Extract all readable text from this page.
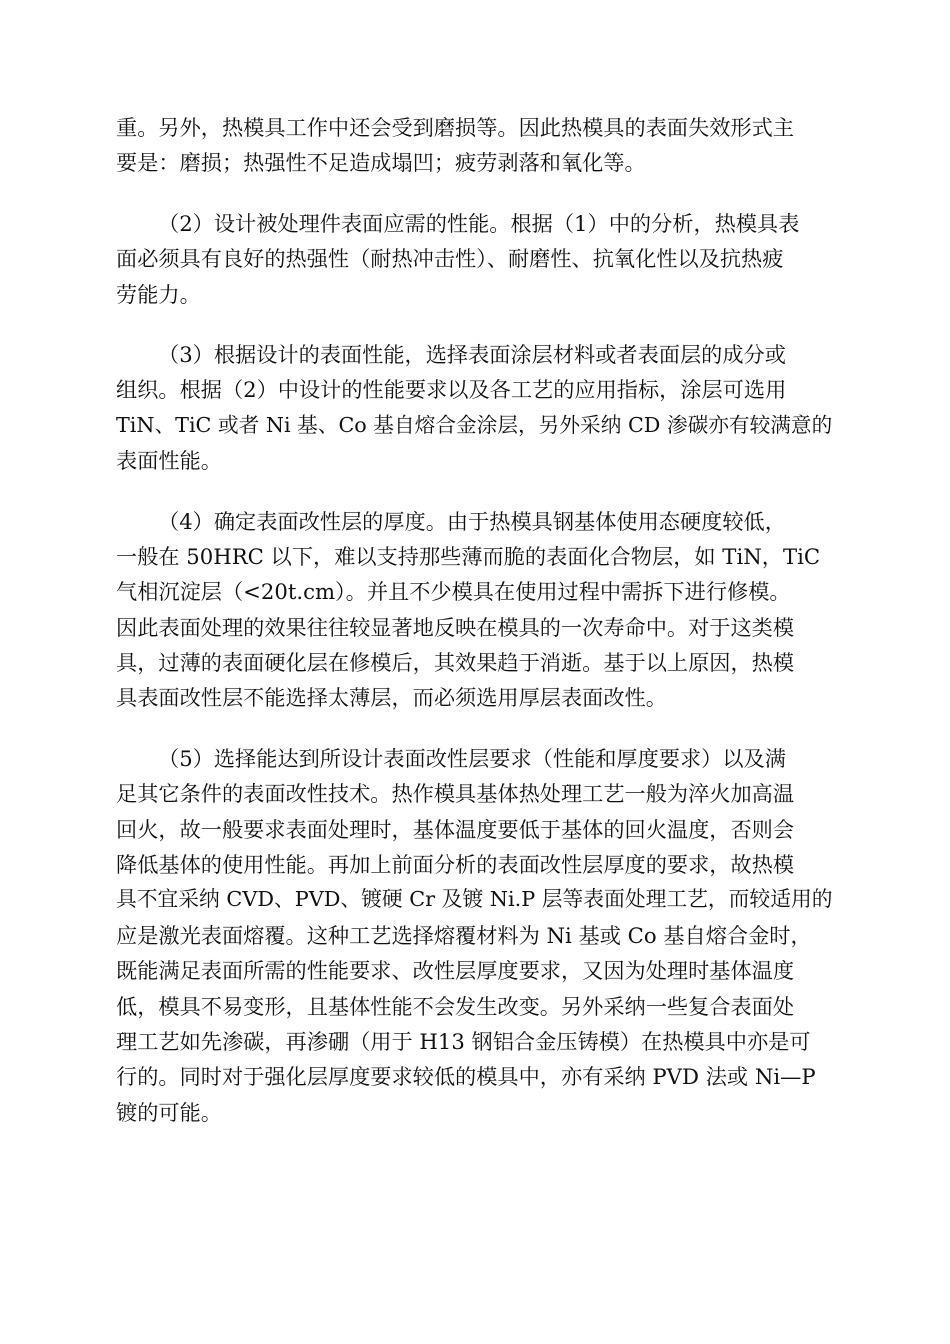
重。另外，热模具工作中还会受到磨损等。因此热模具的表面失效形式主
要是：磨损；热强性不足造成塌凹；疲劳剥落和氧化等。
（2）设计被处理件表面应需的性能。根据（1）中的分析，热模具表
面必须具有良好的热强性（耐热冲击性）、耐磨性、抗氧化性以及抗热疲
劳能力。
（3）根据设计的表面性能，选择表面涂层材料或者表面层的成分或
组织。根据（2）中设计的性能要求以及各工艺的应用指标，涂层可选用
TiN、TiC 或者 Ni 基、Co 基自熔合金涂层，另外采纳 CD 渗碳亦有较满意的
表面性能。
（4）确定表面改性层的厚度。由于热模具钢基体使用态硬度较低，
一般在 50HRC 以下，难以支持那些薄而脆的表面化合物层，如 TiN，TiC
气相沉淀层（<20t.cm）。并且不少模具在使用过程中需拆下进行修模。
因此表面处理的效果往往较显著地反映在模具的一次寿命中。对于这类模
具，过薄的表面硬化层在修模后，其效果趋于消逝。基于以上原因，热模
具表面改性层不能选择太薄层，而必须选用厚层表面改性。
（5）选择能达到所设计表面改性层要求（性能和厚度要求）以及满
足其它条件的表面改性技术。热作模具基体热处理工艺一般为淬火加高温
回火，故一般要求表面处理时，基体温度要低于基体的回火温度，否则会
降低基体的使用性能。再加上前面分析的表面改性层厚度的要求，故热模
具不宜采纳 CVD、PVD、镀硬 Cr 及镀 Ni.P 层等表面处理工艺，而较适用的
应是激光表面熔覆。这种工艺选择熔覆材料为 Ni 基或 Co 基自熔合金时，
既能满足表面所需的性能要求、改性层厚度要求，又因为处理时基体温度
低，模具不易变形，且基体性能不会发生改变。另外采纳一些复合表面处
理工艺如先渗碳，再渗硼（用于 H13 钢铝合金压铸模）在热模具中亦是可
行的。同时对于强化层厚度要求较低的模具中，亦有采纳 PVD 法或 Ni—P
镀的可能。
